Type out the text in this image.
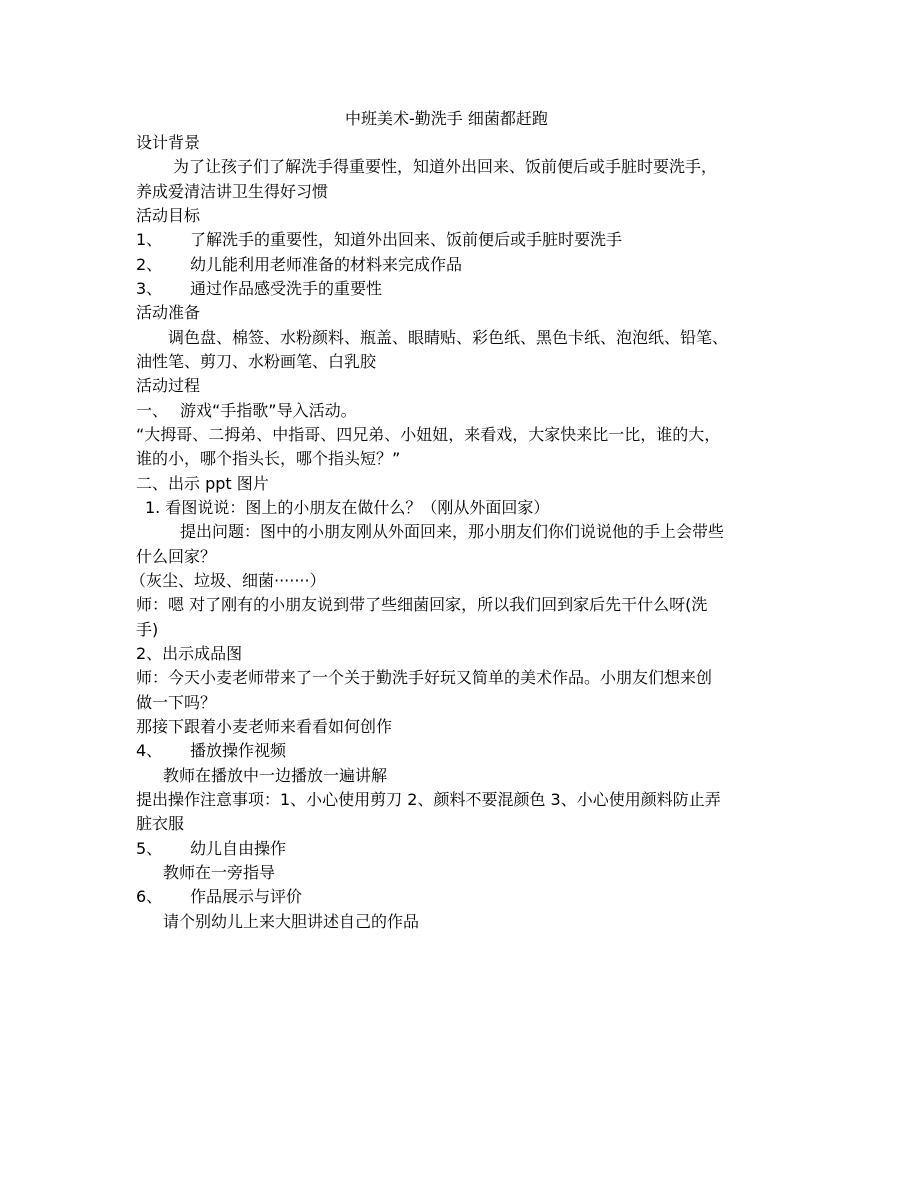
中班美术-勤洗手 细菌都赶跑
设计背景
为了让孩子们了解洗手得重要性，知道外出回来、饭前便后或手脏时要洗手，
养成爱清洁讲卫生得好习惯
活动目标
1、 了解洗手的重要性，知道外出回来、饭前便后或手脏时要洗手
2、 幼儿能利用老师准备的材料来完成作品
3、 通过作品感受洗手的重要性
活动准备
调色盘、棉签、水粉颜料、瓶盖、眼睛贴、彩色纸、黑色卡纸、泡泡纸、铅笔、
油性笔、剪刀、水粉画笔、白乳胶
活动过程
一、 游戏“手指歌”导入活动。
“大拇哥、二拇弟、中指哥、四兄弟、小妞妞，来看戏，大家快来比一比，谁的大，
谁的小，哪个指头长，哪个指头短？”
二、出示 ppt 图片
1. 看图说说：图上的小朋友在做什么？（刚从外面回家）
提出问题：图中的小朋友刚从外面回来，那小朋友们你们说说他的手上会带些
什么回家？
（灰尘、垃圾、细菌·······）
师：嗯 对了刚有的小朋友说到带了些细菌回家，所以我们回到家后先干什么呀(洗
手)
2、出示成品图
师：今天小麦老师带来了一个关于勤洗手好玩又简单的美术作品。小朋友们想来创
做一下吗？
那接下跟着小麦老师来看看如何创作
4、 播放操作视频
教师在播放中一边播放一遍讲解
提出操作注意事项：1、小心使用剪刀 2、颜料不要混颜色 3、小心使用颜料防止弄
脏衣服
5、 幼儿自由操作
教师在一旁指导
6、 作品展示与评价
请个别幼儿上来大胆讲述自己的作品
